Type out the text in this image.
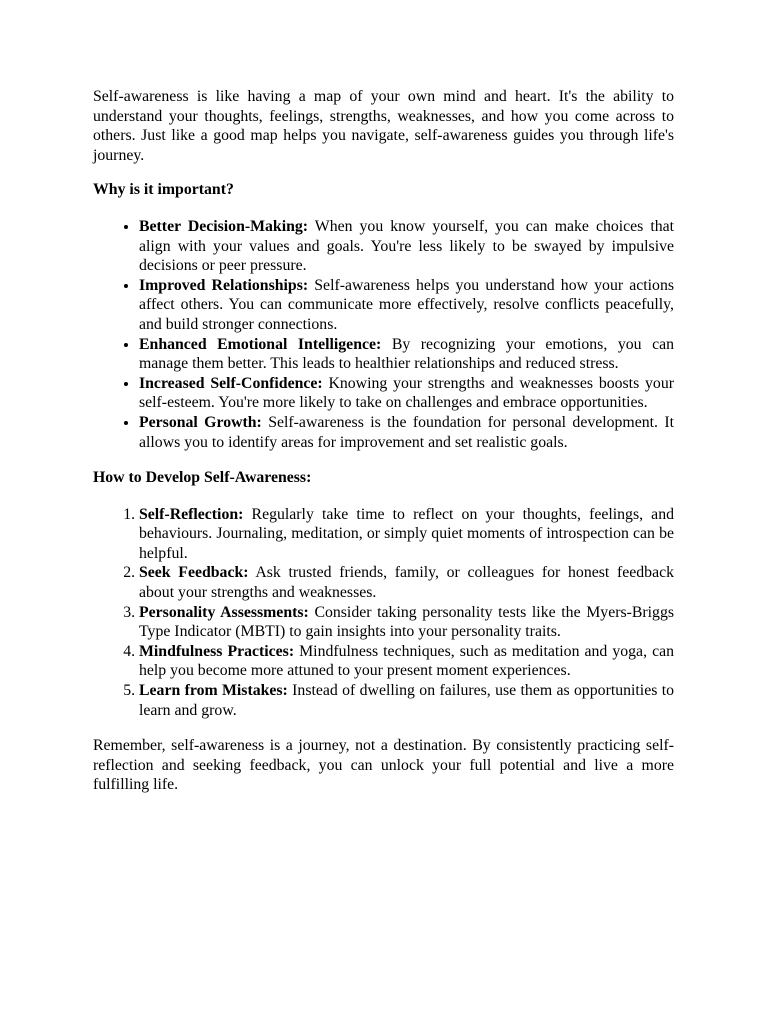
Self-awareness is like having a map of your own mind and heart. It's the ability to understand your thoughts, feelings, strengths, weaknesses, and how you come across to others. Just like a good map helps you navigate, self-awareness guides you through life's journey.

Why is it important?

• Better Decision-Making: When you know yourself, you can make choices that align with your values and goals. You're less likely to be swayed by impulsive decisions or peer pressure.
• Improved Relationships: Self-awareness helps you understand how your actions affect others. You can communicate more effectively, resolve conflicts peacefully, and build stronger connections.
• Enhanced Emotional Intelligence: By recognizing your emotions, you can manage them better. This leads to healthier relationships and reduced stress.
• Increased Self-Confidence: Knowing your strengths and weaknesses boosts your self-esteem. You're more likely to take on challenges and embrace opportunities.
• Personal Growth: Self-awareness is the foundation for personal development. It allows you to identify areas for improvement and set realistic goals.

How to Develop Self-Awareness:

1. Self-Reflection: Regularly take time to reflect on your thoughts, feelings, and behaviours. Journaling, meditation, or simply quiet moments of introspection can be helpful.
2. Seek Feedback: Ask trusted friends, family, or colleagues for honest feedback about your strengths and weaknesses.
3. Personality Assessments: Consider taking personality tests like the Myers-Briggs Type Indicator (MBTI) to gain insights into your personality traits.
4. Mindfulness Practices: Mindfulness techniques, such as meditation and yoga, can help you become more attuned to your present moment experiences.
5. Learn from Mistakes: Instead of dwelling on failures, use them as opportunities to learn and grow.

Remember, self-awareness is a journey, not a destination. By consistently practicing self-reflection and seeking feedback, you can unlock your full potential and live a more fulfilling life.
